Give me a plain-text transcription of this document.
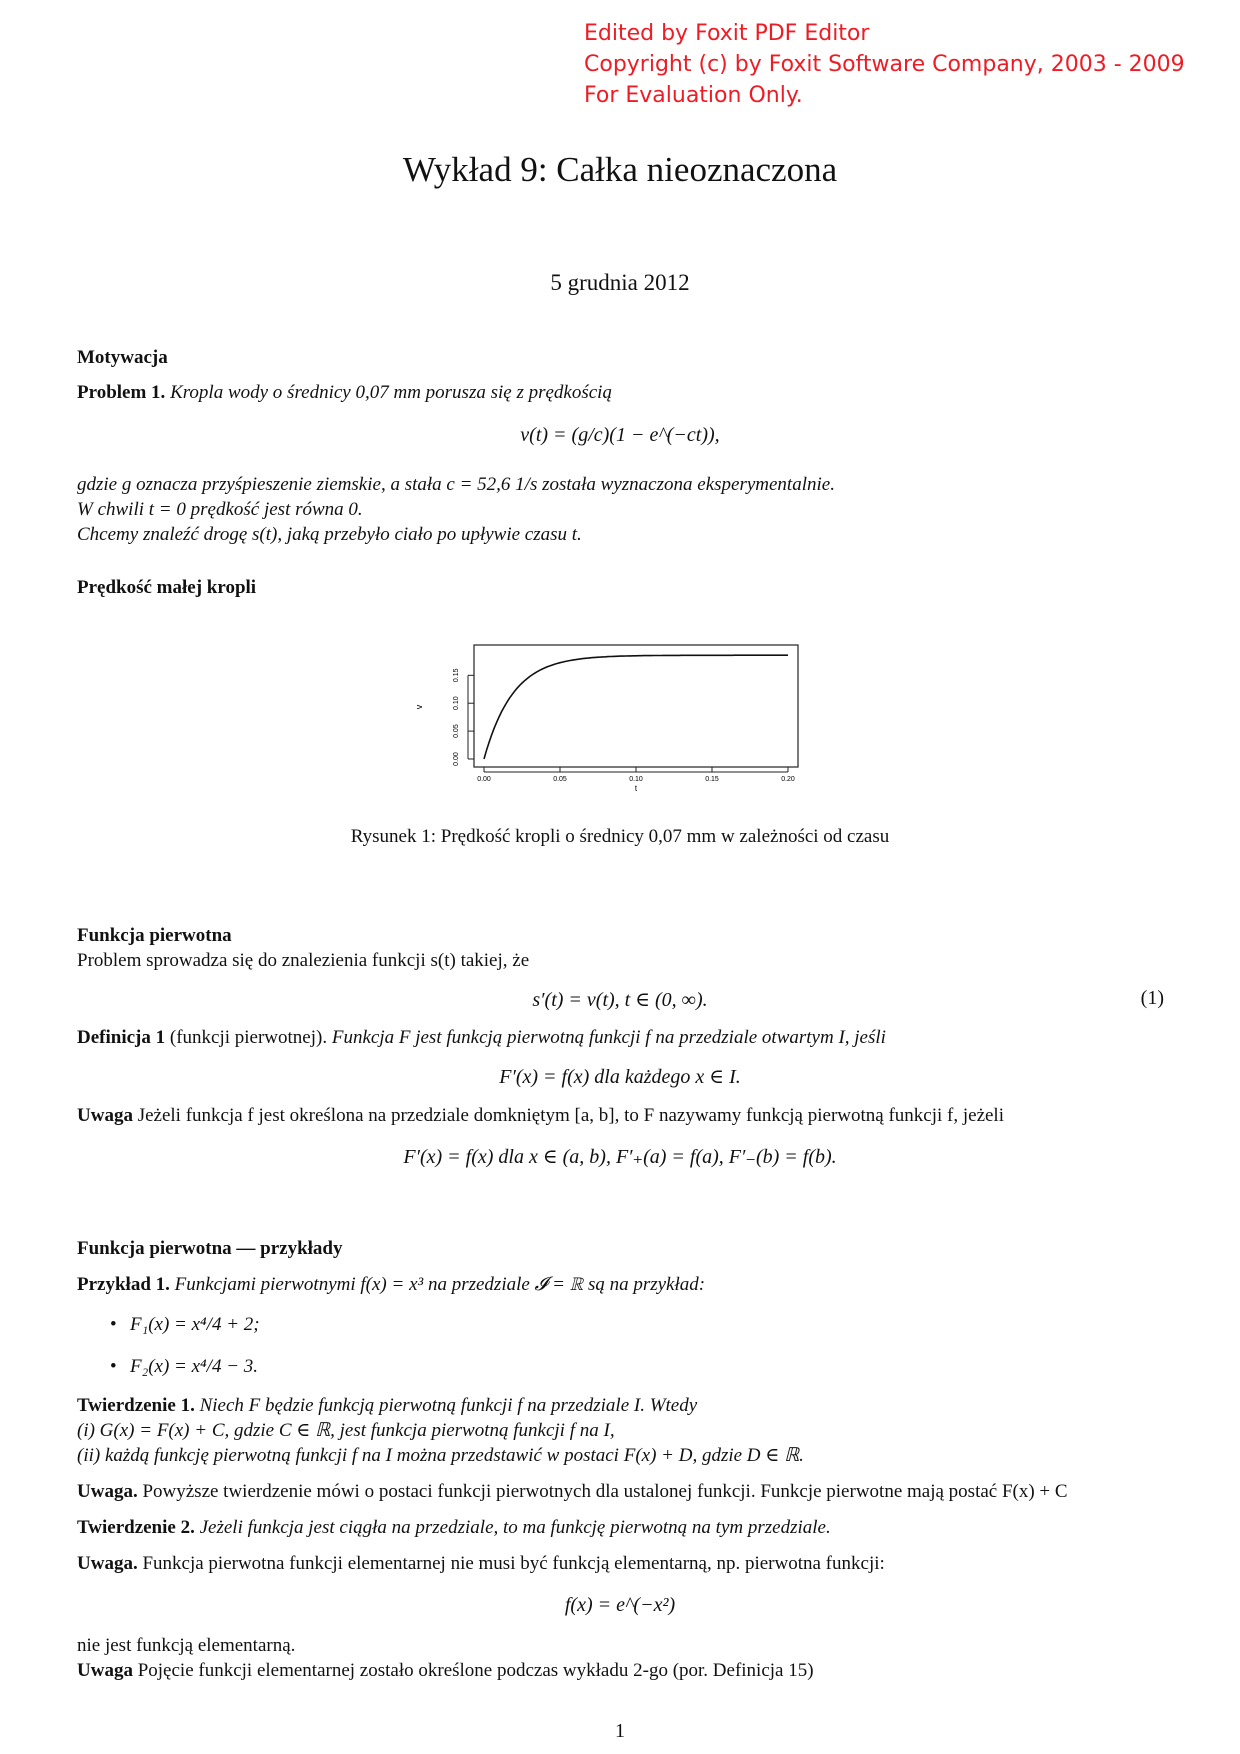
Edited by Foxit PDF Editor
Copyright (c) by Foxit Software Company, 2003 - 2009
For Evaluation Only.
Wykład 9: Całka nieoznaczona
5 grudnia 2012
Motywacja
Problem 1. Kropla wody o średnicy 0,07 mm porusza się z prędkością
v(t) = (g/c)(1 − e^(−ct)),
gdzie g oznacza przyśpieszenie ziemskie, a stała c = 52,6 1/s została wyznaczona eksperymentalnie.
W chwili t = 0 prędkość jest równa 0.
Chcemy znaleźć drogę s(t), jaką przebyło ciało po upływie czasu t.
Prędkość małej kropli
0.00	0.05	0.10	0.15	0.20
0.00
0.05
0.10
0.15
v
t
Rysunek 1: Prędkość kropli o średnicy 0,07 mm w zależności od czasu
Funkcja pierwotna
Problem sprowadza się do znalezienia funkcji s(t) takiej, że
s′(t) = v(t), t ∈ (0, ∞).	(1)
Definicja 1 (funkcji pierwotnej). Funkcja F jest funkcją pierwotną funkcji f na przedziale otwartym I, jeśli
F′(x) = f(x) dla każdego x ∈ I.
Uwaga Jeżeli funkcja f jest określona na przedziale domkniętym [a, b], to F nazywamy funkcją pierwotną funkcji f, jeżeli
F′(x) = f(x) dla x ∈ (a, b), F′₊(a) = f(a), F′₋(b) = f(b).
Funkcja pierwotna — przykłady
Przykład 1. Funkcjami pierwotnymi f(x) = x³ na przedziale 𝓘 = ℝ są na przykład:
• F₁(x) = x⁴/4 + 2;
• F₂(x) = x⁴/4 − 3.
Twierdzenie 1. Niech F będzie funkcją pierwotną funkcji f na przedziale I. Wtedy
(i) G(x) = F(x) + C, gdzie C ∈ ℝ, jest funkcja pierwotną funkcji f na I,
(ii) każdą funkcję pierwotną funkcji f na I można przedstawić w postaci F(x) + D, gdzie D ∈ ℝ.
Uwaga. Powyższe twierdzenie mówi o postaci funkcji pierwotnych dla ustalonej funkcji. Funkcje pierwotne mają postać F(x) + C
Twierdzenie 2. Jeżeli funkcja jest ciągła na przedziale, to ma funkcję pierwotną na tym przedziale.
Uwaga. Funkcja pierwotna funkcji elementarnej nie musi być funkcją elementarną, np. pierwotna funkcji:
f(x) = e^(−x²)
nie jest funkcją elementarną.
Uwaga Pojęcie funkcji elementarnej zostało określone podczas wykładu 2-go (por. Definicja 15)
1
